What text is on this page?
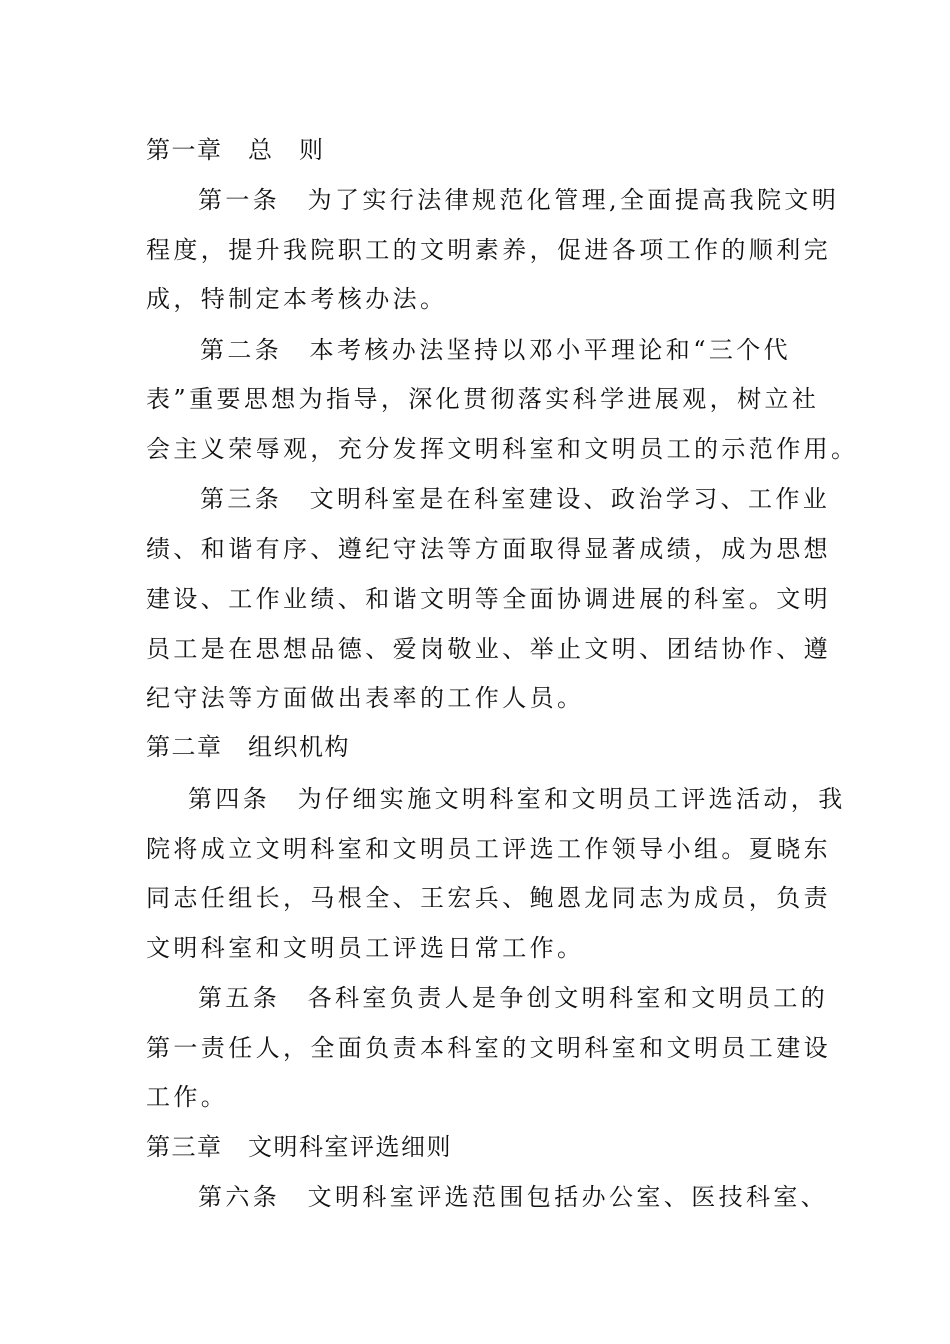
第一章　总　则
第一条　为了实行法律规范化管理,全面提高我院文明
程度，提升我院职工的文明素养，促进各项工作的顺利完
成，特制定本考核办法。
第二条　本考核办法坚持以邓小平理论和“三个代
表”重要思想为指导，深化贯彻落实科学进展观，树立社
会主义荣辱观，充分发挥文明科室和文明员工的示范作用。
第三条　文明科室是在科室建设、政治学习、工作业
绩、和谐有序、遵纪守法等方面取得显著成绩，成为思想
建设、工作业绩、和谐文明等全面协调进展的科室。文明
员工是在思想品德、爱岗敬业、举止文明、团结协作、遵
纪守法等方面做出表率的工作人员。
第二章　组织机构
第四条　为仔细实施文明科室和文明员工评选活动，我
院将成立文明科室和文明员工评选工作领导小组。夏晓东
同志任组长，马根全、王宏兵、鲍恩龙同志为成员，负责
文明科室和文明员工评选日常工作。
第五条　各科室负责人是争创文明科室和文明员工的
第一责任人，全面负责本科室的文明科室和文明员工建设
工作。
第三章　文明科室评选细则
第六条　文明科室评选范围包括办公室、医技科室、
